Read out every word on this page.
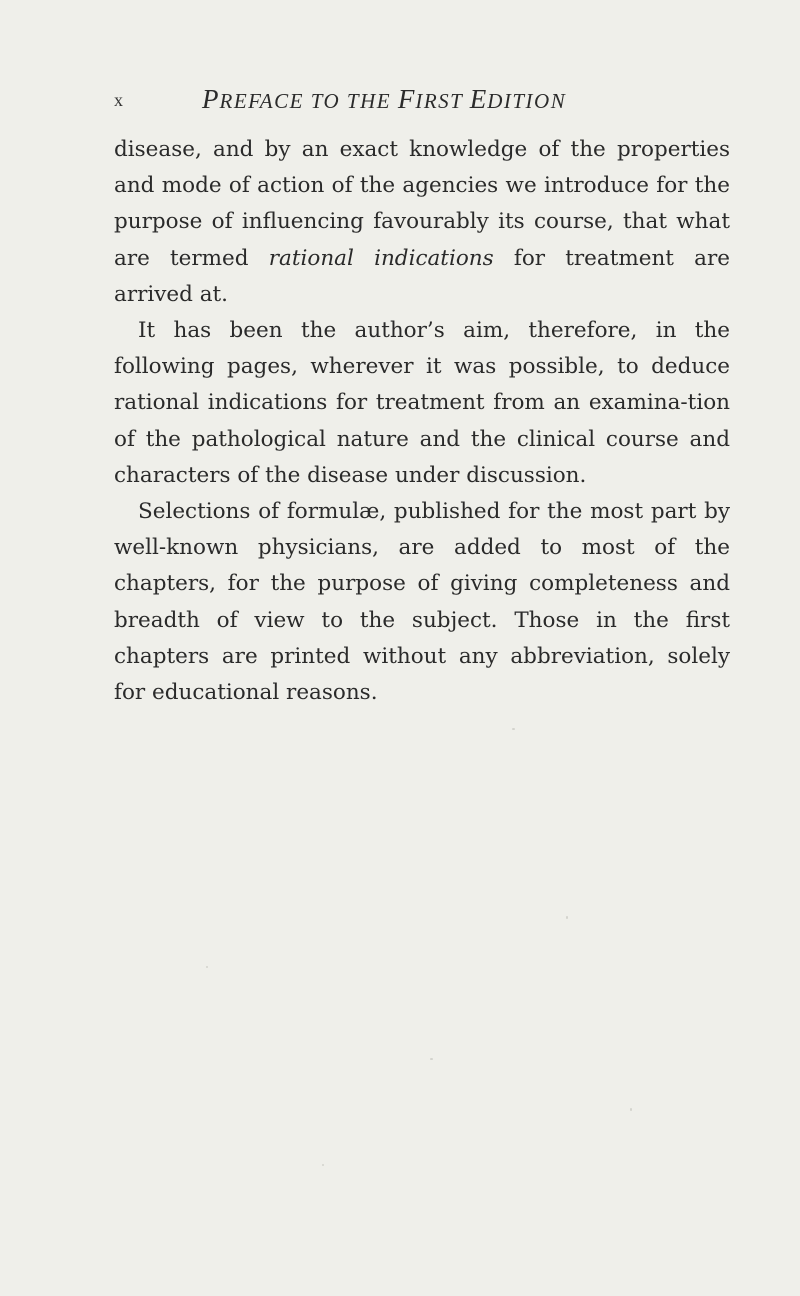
x	PREFACE TO THE FIRST EDITION

disease, and by an exact knowledge of the properties and mode of action of the agencies we introduce for the purpose of influencing favourably its course, that what are termed rational indications for treatment are arrived at.

It has been the author’s aim, therefore, in the following pages, wherever it was possible, to deduce rational indications for treatment from an examina-tion of the pathological nature and the clinical course and characters of the disease under discussion.

Selections of formulæ, published for the most part by well-known physicians, are added to most of the chapters, for the purpose of giving completeness and breadth of view to the subject. Those in the first chapters are printed without any abbreviation, solely for educational reasons.
